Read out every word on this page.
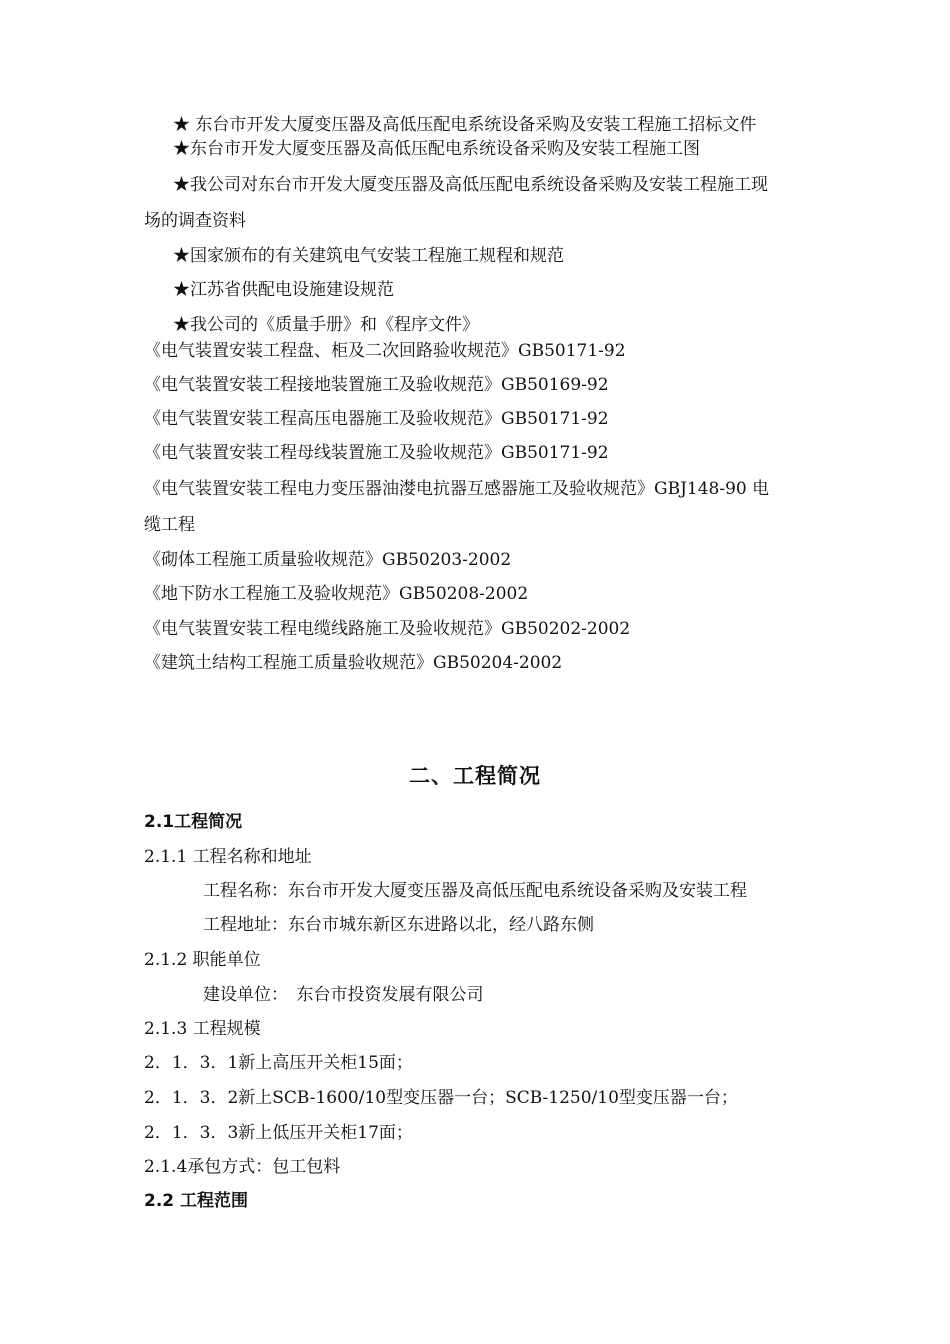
★ 东台市开发大厦变压器及高低压配电系统设备采购及安装工程施工招标文件
★东台市开发大厦变压器及高低压配电系统设备采购及安装工程施工图
★我公司对东台市开发大厦变压器及高低压配电系统设备采购及安装工程施工现
场的调查资料
★国家颁布的有关建筑电气安装工程施工规程和规范
★江苏省供配电设施建设规范
★我公司的《质量手册》和《程序文件》
《电气装置安装工程盘、柜及二次回路验收规范》GB50171-92
《电气装置安装工程接地装置施工及验收规范》GB50169-92
《电气装置安装工程高压电器施工及验收规范》GB50171-92
《电气装置安装工程母线装置施工及验收规范》GB50171-92
《电气装置安装工程电力变压器油漤电抗器互感器施工及验收规范》GBJ148-90 电
缆工程
《砌体工程施工质量验收规范》GB50203-2002
《地下防水工程施工及验收规范》GB50208-2002
《电气装置安装工程电缆线路施工及验收规范》GB50202-2002
《建筑土结构工程施工质量验收规范》GB50204-2002
二、工程简况
2.1工程简况
2.1.1 工程名称和地址
工程名称：东台市开发大厦变压器及高低压配电系统设备采购及安装工程
工程地址：东台市城东新区东进路以北，经八路东侧
2.1.2 职能单位
建设单位：　东台市投资发展有限公司
2.1.3 工程规模
2．1．3．1新上高压开关柜15面；
2．1．3．2新上SCB-1600/10型变压器一台；SCB-1250/10型变压器一台；
2．1．3．3新上低压开关柜17面；
2.1.4承包方式：包工包料
2.2 工程范围
